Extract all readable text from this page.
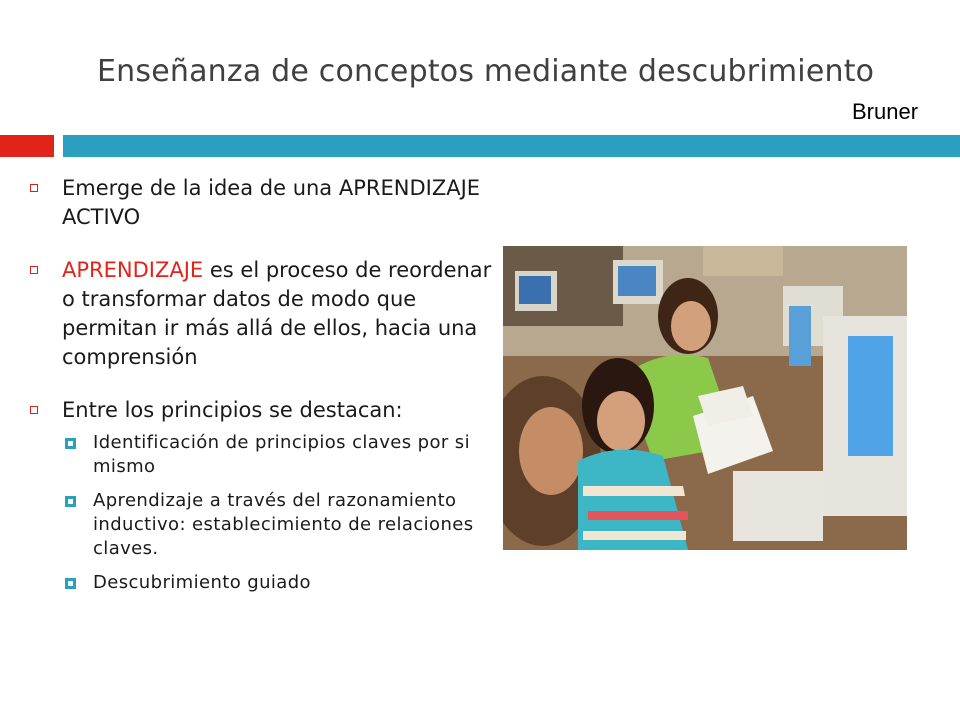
Enseñanza de conceptos mediante descubrimiento
Bruner
Emerge de la idea de una APRENDIZAJE ACTIVO
APRENDIZAJE es el proceso de reordenar o transformar datos de modo que permitan ir más allá de ellos, hacia una comprensión
Entre los principios se destacan:
Identificación de principios claves por si mismo
Aprendizaje a través del razonamiento inductivo: establecimiento de relaciones claves.
Descubrimiento guiado
